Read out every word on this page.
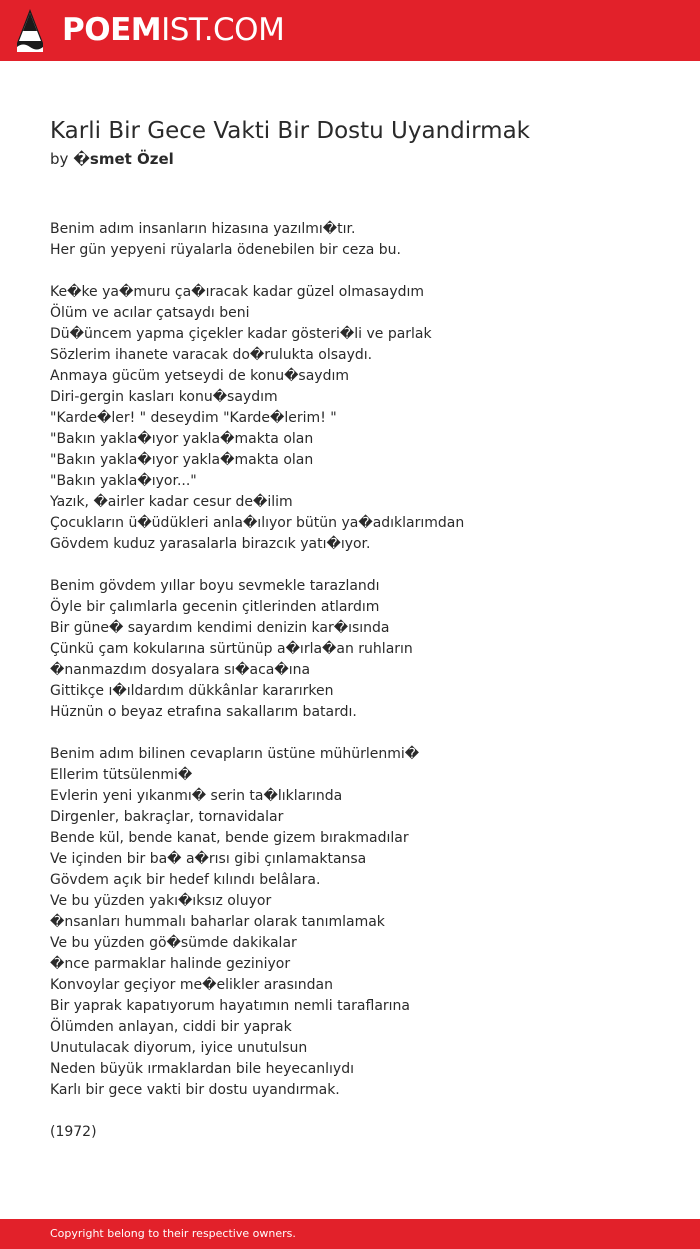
POEMIST.COM
Karli Bir Gece Vakti Bir Dostu Uyandirmak
by �smet Özel
Benim adım insanların hizasına yazılmı�tır.
Her gün yepyeni rüyalarla ödenebilen bir ceza bu.
Ke�ke ya�muru ça�ıracak kadar güzel olmasaydım
Ölüm ve acılar çatsaydı beni
Dü�üncem yapma çiçekler kadar gösteri�li ve parlak
Sözlerim ihanete varacak do�rulukta olsaydı.
Anmaya gücüm yetseydi de konu�saydım
Diri-gergin kasları konu�saydım
"Karde�ler! " deseydim "Karde�lerim! "
"Bakın yakla�ıyor yakla�makta olan
"Bakın yakla�ıyor yakla�makta olan
"Bakın yakla�ıyor..."
Yazık, �airler kadar cesur de�ilim
Çocukların ü�üdükleri anla�ılıyor bütün ya�adıklarımdan
Gövdem kuduz yarasalarla birazcık yatı�ıyor.
Benim gövdem yıllar boyu sevmekle tarazlandı
Öyle bir çalımlarla gecenin çitlerinden atlardım
Bir güne� sayardım kendimi denizin kar�ısında
Çünkü çam kokularına sürtünüp a�ırla�an ruhların
�nanmazdım dosyalara sı�aca�ına
Gittikçe ı�ıldardım dükkânlar kararırken
Hüznün o beyaz etrafına sakallarım batardı.
Benim adım bilinen cevapların üstüne mühürlenmi�
Ellerim tütsülenmi�
Evlerin yeni yıkanmı� serin ta�lıklarında
Dirgenler, bakraçlar, tornavidalar
Bende kül, bende kanat, bende gizem bırakmadılar
Ve içinden bir ba� a�rısı gibi çınlamaktansa
Gövdem açık bir hedef kılındı belâlara.
Ve bu yüzden yakı�ıksız oluyor
�nsanları hummalı baharlar olarak tanımlamak
Ve bu yüzden gö�sümde dakikalar
�nce parmaklar halinde geziniyor
Konvoylar geçiyor me�elikler arasından
Bir yaprak kapatıyorum hayatımın nemli taraflarına
Ölümden anlayan, ciddi bir yaprak
Unutulacak diyorum, iyice unutulsun
Neden büyük ırmaklardan bile heyecanlıydı
Karlı bir gece vakti bir dostu uyandırmak.
(1972)
Copyright belong to their respective owners.
